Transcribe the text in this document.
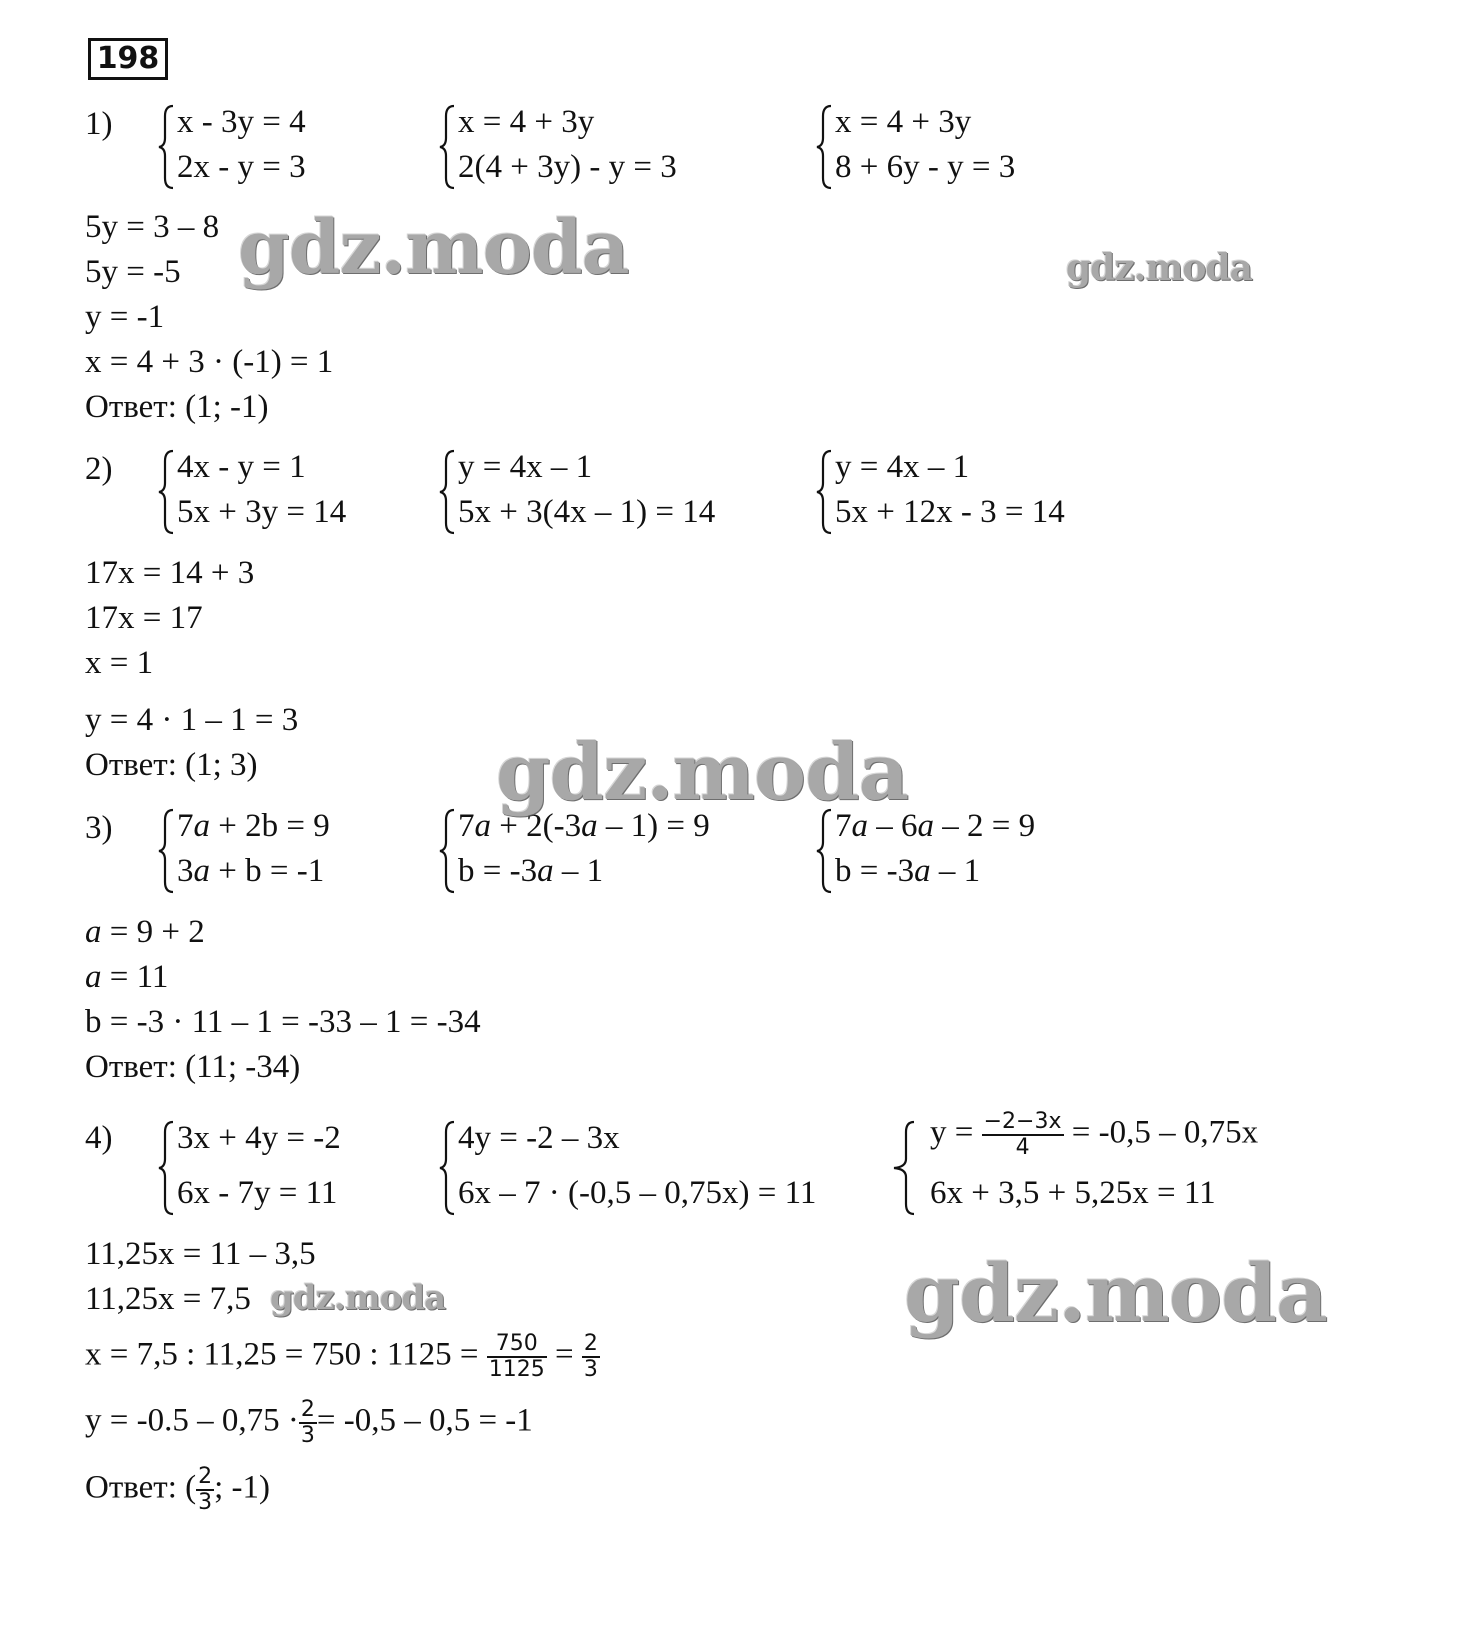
198
1) x - 3y = 4
2x - y = 3
x = 4 + 3y
2(4 + 3y) - y = 3
x = 4 + 3y
8 + 6y - y = 3
5y = 3 – 8
5y = -5
y = -1
x = 4 + 3 · (-1) = 1
Ответ: (1; -1)
2) 4x - y = 1
5x + 3y = 14
y = 4x – 1
5x + 3(4x – 1) = 14
y = 4x – 1
5x + 12x - 3 = 14
17x = 14 + 3
17x = 17
x = 1
y = 4 · 1 – 1 = 3
Ответ: (1; 3)
3) 7a + 2b = 9
3a + b = -1
7a + 2(-3a – 1) = 9
b = -3a – 1
7a – 6a – 2 = 9
b = -3a – 1
a = 9 + 2
a = 11
b = -3 · 11 – 1 = -33 – 1 = -34
Ответ: (11; -34)
4) 3x + 4y = -2
6x - 7y = 11
4y = -2 – 3x
6x – 7 · (-0,5 – 0,75x) = 11
$y = \frac{-2-3x}{4} = -0,5 - 0,75x$
6x + 3,5 + 5,25x = 11
11,25x = 11 – 3,5
11,25x = 7,5
x = 7,5 : 11,25 = 750 : $1125 = \frac{750}{1125} = \frac{2}{3}$
$y = -0.5 - 0,75 \cdot \frac{2}{3} = -0,5 - 0,5 = -1$
Ответ: ( $\frac{2}{3}$ ; -1)
gdz.moda	gdz.moda
gdz.moda
gdz.moda
gdz.moda
